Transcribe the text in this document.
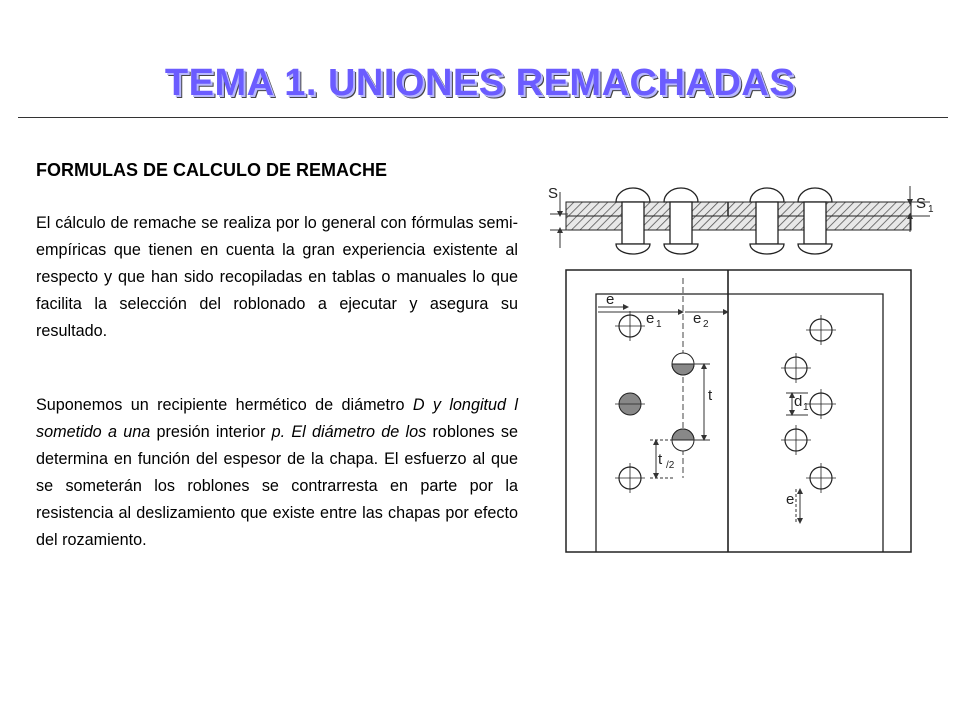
TEMA 1. UNIONES REMACHADAS
FORMULAS DE CALCULO DE REMACHE
El cálculo de remache se realiza por lo general con fórmulas semi-empíricas que tienen en cuenta la gran experiencia existente al respecto y que han sido recopiladas en tablas o manuales lo que facilita la selección del roblonado a ejecutar y asegura su resultado.
Suponemos un recipiente hermético de diámetro D y longitud l sometido a una presión interior p. El diámetro de los roblones se determina en función del espesor de la chapa. El esfuerzo al que se someterán los roblones se contrarresta en parte por la resistencia al deslizamiento que existe entre las chapas por efecto del rozamiento.
S
S 1
e
e 1 e 2
t
t /2
d 1
e
